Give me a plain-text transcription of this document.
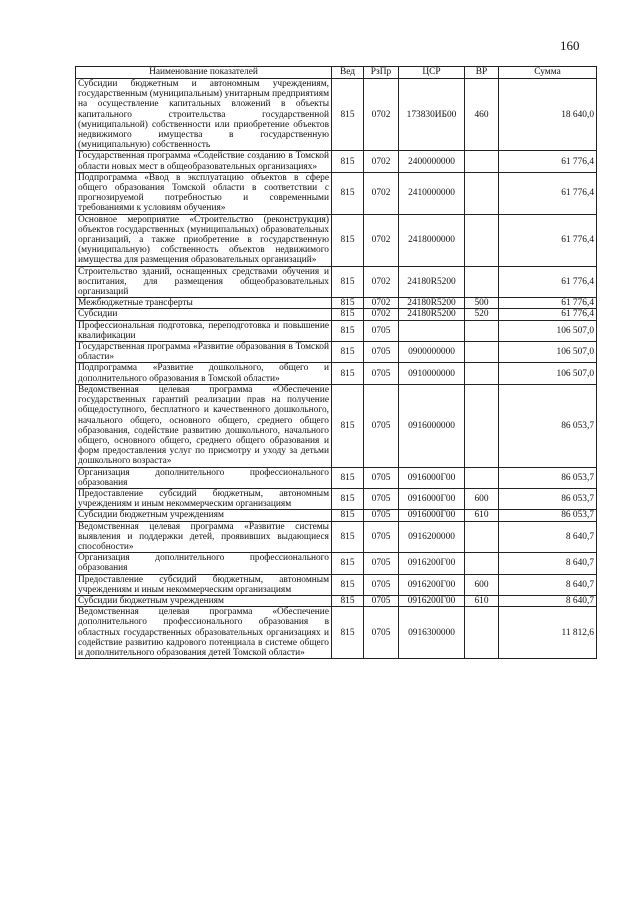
160
Наименование показателей	Вед	РзПр	ЦСР	ВР	Сумма
Субсидии бюджетным и автономным учреждениям, государственным (муниципальным) унитарным предприятиям на осуществление капитальных вложений в объекты капитального строительства государственной (муниципальной) собственности или приобретение объектов недвижимого имущества в государственную (муниципальную) собственность	815	0702	173830ИБ00	460	18 640,0
Государственная программа «Содействие созданию в Томской области новых мест в общеобразовательных организациях»	815	0702	2400000000		61 776,4
Подпрограмма «Ввод в эксплуатацию объектов в сфере общего образования Томской области в соответствии с прогнозируемой потребностью и современными требованиями к условиям обучения»	815	0702	2410000000		61 776,4
Основное мероприятие «Строительство (реконструкция) объектов государственных (муниципальных) образовательных организаций, а также приобретение в государственную (муниципальную) собственность объектов недвижимого имущества для размещения образовательных организаций»	815	0702	2418000000		61 776,4
Строительство зданий, оснащенных средствами обучения и воспитания, для размещения общеобразовательных организаций	815	0702	24180R5200		61 776,4
Межбюджетные трансферты	815	0702	24180R5200	500	61 776,4
Субсидии	815	0702	24180R5200	520	61 776,4
Профессиональная подготовка, переподготовка и повышение квалификации	815	0705			106 507,0
Государственная программа «Развитие образования в Томской области»	815	0705	0900000000		106 507,0
Подпрограмма «Развитие дошкольного, общего и дополнительного образования в Томской области»	815	0705	0910000000		106 507,0
Ведомственная целевая программа «Обеспечение государственных гарантий реализации прав на получение общедоступного, бесплатного и качественного дошкольного, начального общего, основного общего, среднего общего образования, содействие развитию дошкольного, начального общего, основного общего, среднего общего образования и форм предоставления услуг по присмотру и уходу за детьми дошкольного возраста»	815	0705	0916000000		86 053,7
Организация дополнительного профессионального образования	815	0705	0916000Г00		86 053,7
Предоставление субсидий бюджетным, автономным учреждениям и иным некоммерческим организациям	815	0705	0916000Г00	600	86 053,7
Субсидии бюджетным учреждениям	815	0705	0916000Г00	610	86 053,7
Ведомственная целевая программа «Развитие системы выявления и поддержки детей, проявивших выдающиеся способности»	815	0705	0916200000		8 640,7
Организация дополнительного профессионального образования	815	0705	0916200Г00		8 640,7
Предоставление субсидий бюджетным, автономным учреждениям и иным некоммерческим организациям	815	0705	0916200Г00	600	8 640,7
Субсидии бюджетным учреждениям	815	0705	0916200Г00	610	8 640,7
Ведомственная целевая программа «Обеспечение дополнительного профессионального образования в областных государственных образовательных организациях и содействие развитию кадрового потенциала в системе общего и дополнительного образования детей Томской области»	815	0705	0916300000		11 812,6
